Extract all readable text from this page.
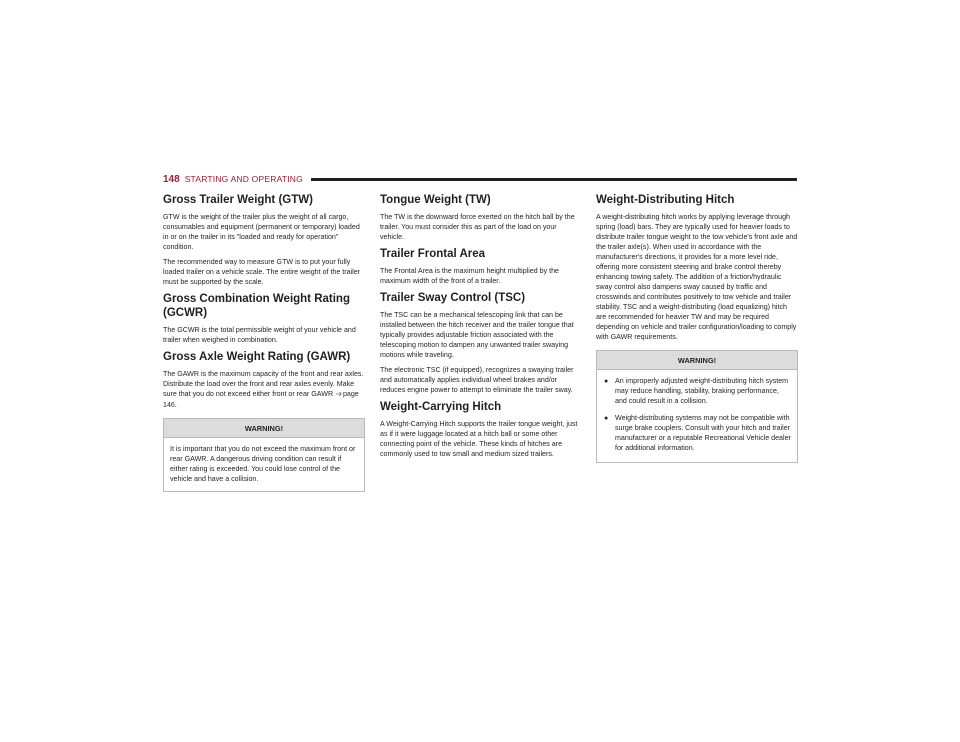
148 STARTING AND OPERATING
Gross Trailer Weight (GTW)

GTW is the weight of the trailer plus the weight of all cargo, consumables and equipment (permanent or temporary) loaded in or on the trailer in its "loaded and ready for operation" condition.

The recommended way to measure GTW is to put your fully loaded trailer on a vehicle scale. The entire weight of the trailer must be supported by the scale.

Gross Combination Weight Rating (GCWR)

The GCWR is the total permissible weight of your vehicle and trailer when weighed in combination.

Gross Axle Weight Rating (GAWR)

The GAWR is the maximum capacity of the front and rear axles. Distribute the load over the front and rear axles evenly. Make sure that you do not exceed either front or rear GAWR ➩page 146.

WARNING!

It is important that you do not exceed the maximum front or rear GAWR. A dangerous driving condition can result if either rating is exceeded. You could lose control of the vehicle and have a collision.

Tongue Weight (TW)

The TW is the downward force exerted on the hitch ball by the trailer. You must consider this as part of the load on your vehicle.

Trailer Frontal Area

The Frontal Area is the maximum height multiplied by the maximum width of the front of a trailer.

Trailer Sway Control (TSC)

The TSC can be a mechanical telescoping link that can be installed between the hitch receiver and the trailer tongue that typically provides adjustable friction associated with the telescoping motion to dampen any unwanted trailer swaying motions while traveling.

The electronic TSC (if equipped), recognizes a swaying trailer and automatically applies individual wheel brakes and/or reduces engine power to attempt to eliminate the trailer sway.

Weight-Carrying Hitch

A Weight-Carrying Hitch supports the trailer tongue weight, just as if it were luggage located at a hitch ball or some other connecting point of the vehicle. These kinds of hitches are commonly used to tow small and medium sized trailers.

Weight-Distributing Hitch

A weight-distributing hitch works by applying leverage through spring (load) bars. They are typically used for heavier loads to distribute trailer tongue weight to the tow vehicle's front axle and the trailer axle(s). When used in accordance with the manufacturer's directions, it provides for a more level ride, offering more consistent steering and brake control thereby enhancing towing safety. The addition of a friction/hydraulic sway control also dampens sway caused by traffic and crosswinds and contributes positively to tow vehicle and trailer stability. TSC and a weight-distributing (load equalizing) hitch are recommended for heavier TW and may be required depending on vehicle and trailer configuration/loading to comply with GAWR requirements.

WARNING!
● An improperly adjusted weight-distributing hitch system may reduce handling, stability, braking performance, and could result in a collision.
● Weight-distributing systems may not be compatible with surge brake couplers. Consult with your hitch and trailer manufacturer or a reputable Recreational Vehicle dealer for additional information.
